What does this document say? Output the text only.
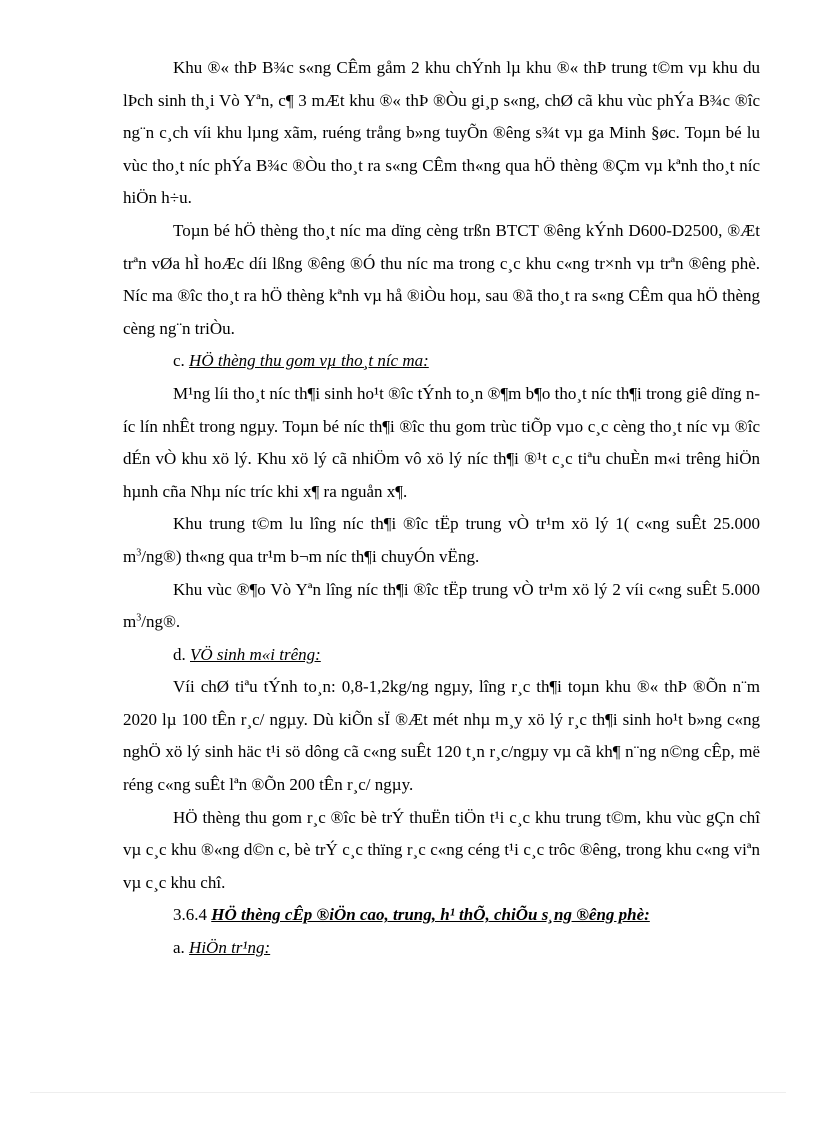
Khu ®« thÞ B¾c s«ng CÊm gåm 2 khu chÝnh lµ khu ®« thÞ trung t©m vµ khu du lÞch sinh th¸i Vò Yªn, c¶ 3 mÆt khu ®« thÞ ®Òu gi¸p s«ng, chØ cã khu vùc phÝa B¾c ®îc ng¨n c¸ch víi khu lµng xãm, ruéng trång b»ng tuyÕn ®êng s¾t vµ ga Minh §øc. Toµn bé lu vùc tho¸t níc phÝa B¾c ®Òu tho¸t ra s«ng CÊm th«ng qua hÖ thèng ®Çm vµ kªnh tho¸t níc hiÖn h÷u.

Toµn bé hÖ thèng tho¸t níc ma dïng cèng trßn BTCT ®êng kÝnh D600-D2500, ®Æt trªn vØa hÌ hoÆc díi lßng ®êng ®Ó thu níc ma trong c¸c khu c«ng tr×nh vµ trªn ®êng phè. Níc ma ®îc tho¸t ra hÖ thèng kªnh vµ hå ®iÒu hoµ, sau ®ã tho¸t ra s«ng CÊm qua hÖ thèng cèng ng¨n triÒu.

c. HÖ thèng thu gom vµ tho¸t níc ma:

M¹ng líi tho¸t níc th¶i sinh ho¹t ®îc tÝnh to¸n ®¶m b¶o tho¸t níc th¶i trong giê dïng níc lín nhÊt trong ngµy. Toµn bé níc th¶i ®îc thu gom trùc tiÕp vµo c¸c cèng tho¸t níc vµ ®îc dÉn vÒ khu xö lý. Khu xö lý cã nhiÖm vô xö lý níc th¶i ®¹t c¸c tiªu chuÈn m«i trêng hiÖn hµnh cña Nhµ níc tríc khi x¶ ra nguån x¶.

Khu trung t©m lu lîng níc th¶i ®îc tËp trung vÒ tr¹m xö lý 1( c«ng suÊt 25.000 $m^3/ng®$) th«ng qua tr¹m b¬m níc th¶i chuyÓn vËng.

Khu vùc ®¶o Vò Yªn lîng níc th¶i ®îc tËp trung vÒ tr¹m xö lý 2 víi c«ng suÊt 5.000 $m^3/ng®$.

d. VÖ sinh m«i trêng:

Víi chØ tiªu tÝnh to¸n: 0,8-1,2kg/ng ngµy, lîng r¸c th¶i toµn khu ®« thÞ ®Õn n¨m 2020 lµ 100 tÊn r¸c/ ngµy. Dù kiÕn sÏ ®Æt mét nhµ m¸y xö lý r¸c th¶i sinh ho¹t b»ng c«ng nghÖ xö lý sinh häc t¹i sö dông cã c«ng suÊt 120 t¸n r¸c/ngµy vµ cã kh¶ n¨ng n©ng cÊp, më réng c«ng suÊt lªn ®Õn 200 tÊn r¸c/ ngµy.

HÖ thèng thu gom r¸c ®îc bè trÝ thuËn tiÖn t¹i c¸c khu trung t©m, khu vùc gÇn chî vµ c¸c khu ®«ng d©n c, bè trÝ c¸c thïng r¸c c«ng céng t¹i c¸c trôc ®êng, trong khu c«ng viªn vµ c¸c khu chî.

3.6.4 HÖ thèng cÊp ®iÖn cao, trung, h¹ thÕ, chiÕu s¸ng ®êng phè:

a. HiÖn tr¹ng:
